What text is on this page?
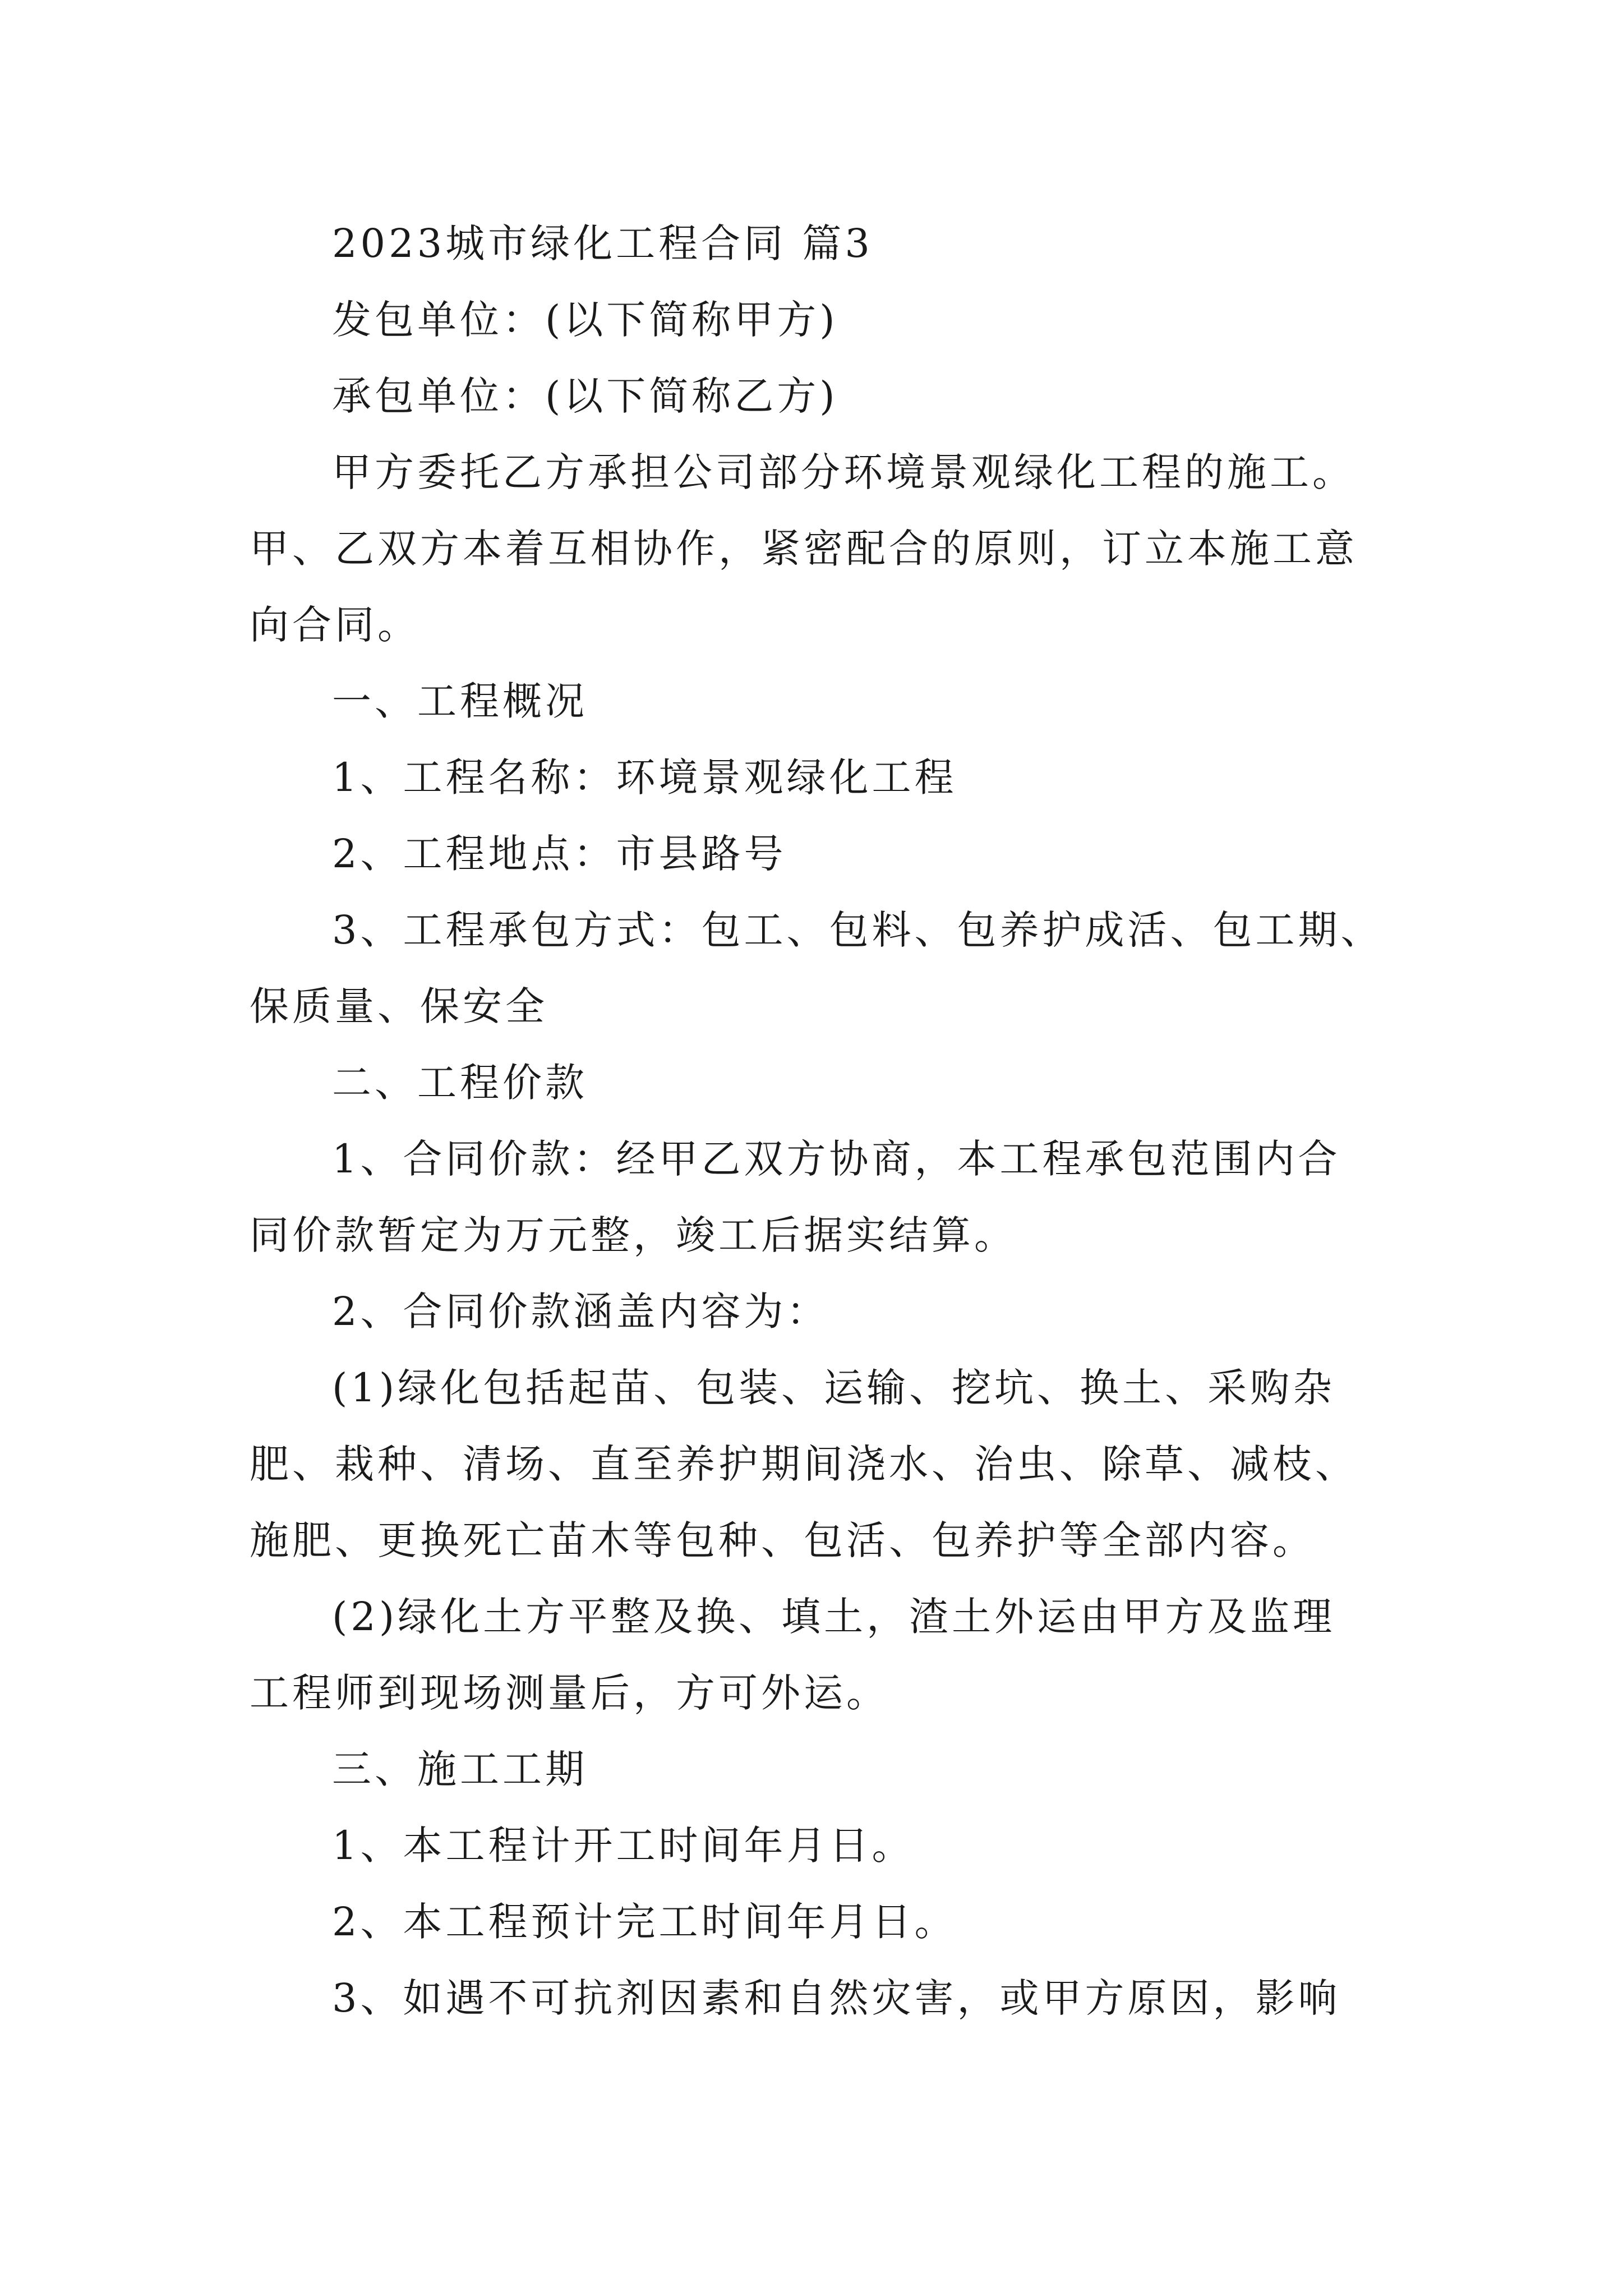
2023城市绿化工程合同 篇3
发包单位：(以下简称甲方)
承包单位：(以下简称乙方)
甲方委托乙方承担公司部分环境景观绿化工程的施工。
甲、乙双方本着互相协作，紧密配合的原则，订立本施工意
向合同。
一、工程概况
1、工程名称：环境景观绿化工程
2、工程地点：市县路号
3、工程承包方式：包工、包料、包养护成活、包工期、
保质量、保安全
二、工程价款
1、合同价款：经甲乙双方协商，本工程承包范围内合
同价款暂定为万元整，竣工后据实结算。
2、合同价款涵盖内容为：
(1)绿化包括起苗、包装、运输、挖坑、换土、采购杂
肥、栽种、清场、直至养护期间浇水、治虫、除草、减枝、
施肥、更换死亡苗木等包种、包活、包养护等全部内容。
(2)绿化土方平整及换、填土，渣土外运由甲方及监理
工程师到现场测量后，方可外运。
三、施工工期
1、本工程计开工时间年月日。
2、本工程预计完工时间年月日。
3、如遇不可抗剂因素和自然灾害，或甲方原因，影响
